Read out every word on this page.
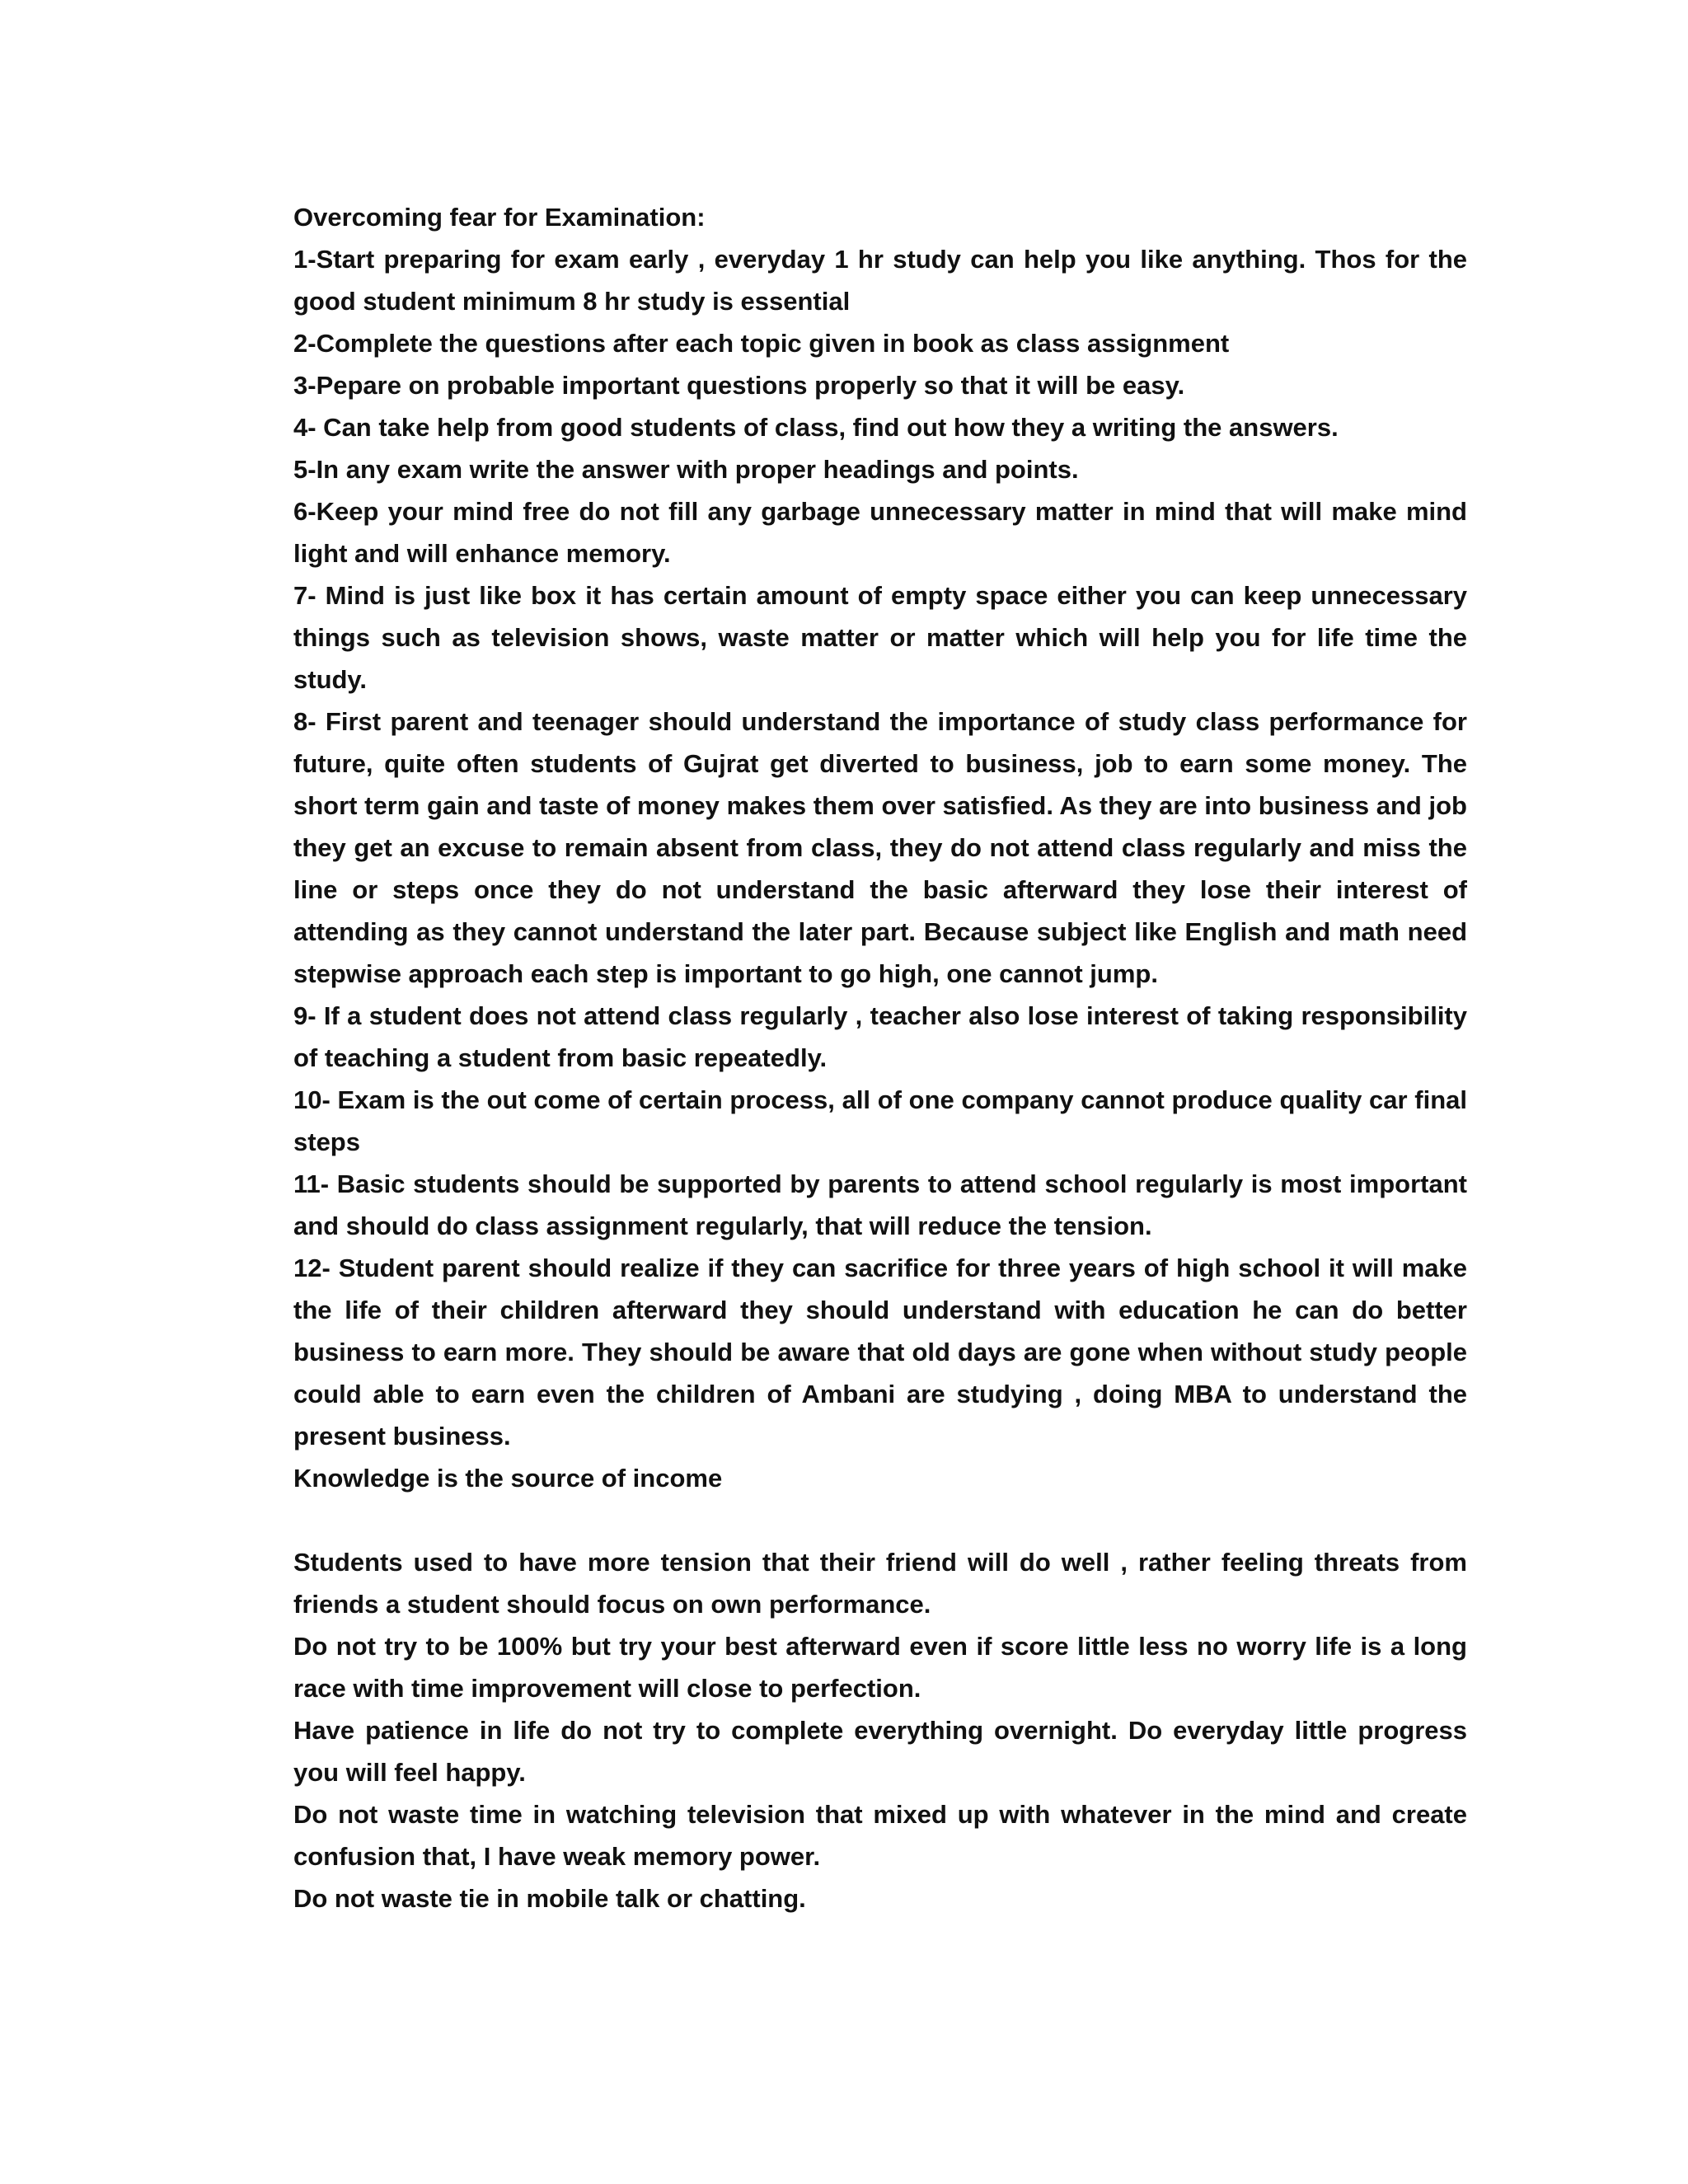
Overcoming fear for Examination:

1-Start preparing for exam early , everyday 1 hr study can help you like anything. Thos for the good student minimum 8 hr study is essential

2-Complete the questions after each topic given in book as class assignment

3-Pepare on probable important questions properly so that it will be easy.

4- Can take help from good students of class, find out how they a writing the answers.

5-In any exam write the answer with proper headings and points.

6-Keep your mind free do not fill any garbage unnecessary matter in mind that will make mind light and will enhance memory.

7- Mind is just like box it has certain amount of empty space either you can keep unnecessary things such as television shows, waste matter or matter which will help you for life time the study.

8- First parent and teenager should understand the importance of study class performance for future, quite often students of Gujrat get diverted to business, job to earn some money. The short term gain and taste of money makes them over satisfied. As they are into business and job they get an excuse to remain absent from class, they do not attend class regularly and miss the line or steps once they do not understand the basic afterward they lose their interest of attending as they cannot understand the later part. Because subject like English and math need stepwise approach each step is important to go high, one cannot jump.

9- If a student does not attend class regularly , teacher also lose interest of taking responsibility of teaching a student from basic repeatedly.

10- Exam is the out come of certain process, all of one company cannot produce quality car final steps

11- Basic students should be supported by parents to attend school regularly is most important and should do class assignment regularly, that will reduce the tension.

12- Student parent should realize if they can sacrifice for three years of high school it will make the life of their children afterward they should understand with education he can do better business to earn more. They should be aware that old days are gone when without study people could able to earn even the children of Ambani are studying , doing MBA to understand the present business.

Knowledge is the source of income

Students used to have more tension that their friend will do well , rather feeling threats from friends a student should focus on own performance.

Do not try to be 100% but try your best afterward even if score little less no worry life is a long race with time improvement will close to perfection.

Have patience in life do not try to complete everything overnight. Do everyday little progress you will feel happy.

Do not waste time in watching television that mixed up with whatever in the mind and create confusion that, I have weak memory power.

Do not waste tie in mobile talk or chatting.
